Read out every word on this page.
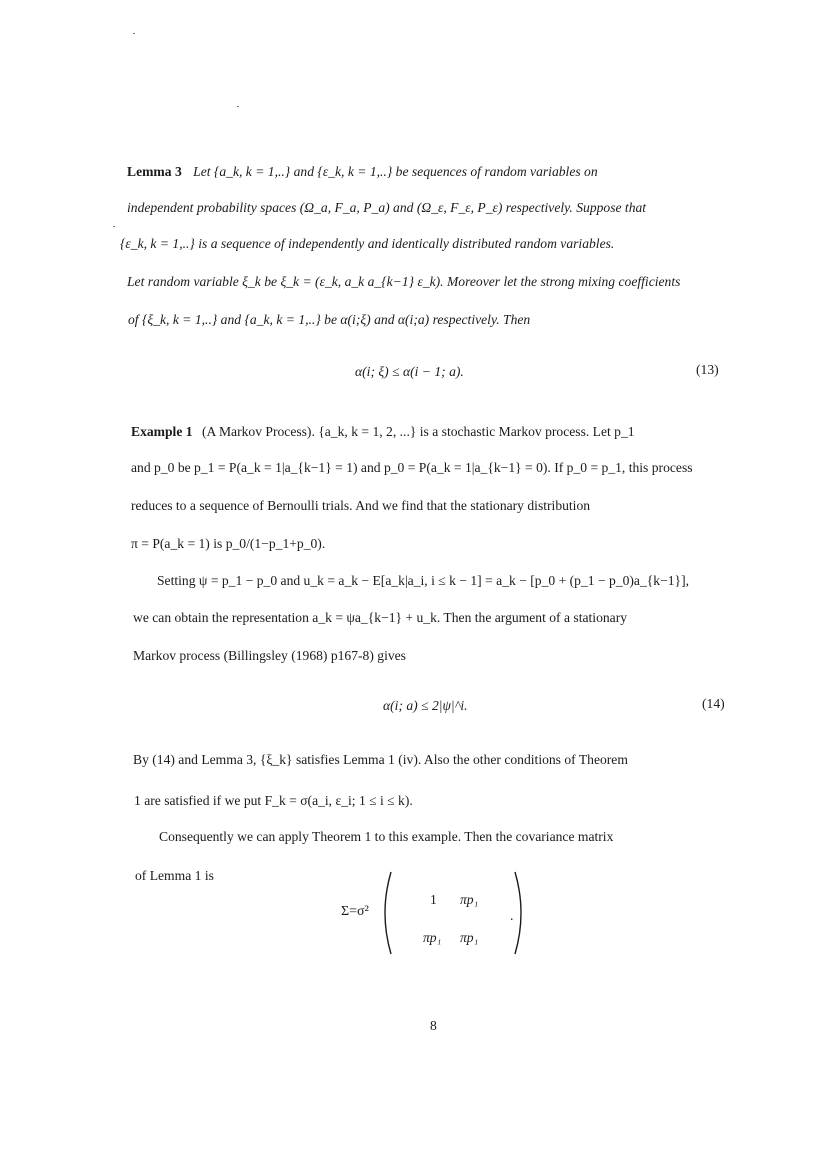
Lemma 3 Let {a_k, k = 1,..} and {ε_k, k = 1,..} be sequences of random variables on
independent probability spaces (Ω_a, F_a, P_a) and (Ω_ε, F_ε, P_ε) respectively. Suppose that
{ε_k, k = 1,..} is a sequence of independently and identically distributed random variables.
Let random variable ξ_k be ξ_k = (ε_k, a_k a_{k−1} ε_k). Moreover let the strong mixing coefficients
of {ξ_k, k = 1,..} and {a_k, k = 1,..} be α(i;ξ) and α(i;a) respectively. Then
α(i; ξ) ≤ α(i − 1; a).	(13)
Example 1 (A Markov Process). {a_k, k = 1, 2, ...} is a stochastic Markov process. Let p_1
and p_0 be p_1 = P(a_k = 1|a_{k−1} = 1) and p_0 = P(a_k = 1|a_{k−1} = 0). If p_0 = p_1, this process
reduces to a sequence of Bernoulli trials. And we find that the stationary distribution
π = P(a_k = 1) is p_0/(1−p_1+p_0).
Setting ψ = p_1 − p_0 and u_k = a_k − E[a_k|a_i, i ≤ k − 1] = a_k − [p_0 + (p_1 − p_0)a_{k−1}],
we can obtain the representation a_k = ψa_{k−1} + u_k. Then the argument of a stationary
Markov process (Billingsley (1968) p167-8) gives
α(i; a) ≤ 2|ψ|^i.	(14)
By (14) and Lemma 3, {ξ_k} satisfies Lemma 1 (iv). Also the other conditions of Theorem
1 are satisfied if we put F_k = σ(a_i, ε_i; 1 ≤ i ≤ k).
Consequently we can apply Theorem 1 to this example. Then the covariance matrix
of Lemma 1 is
Σ=σ²
1 πp₁
πp₁ πp₁
.
8
